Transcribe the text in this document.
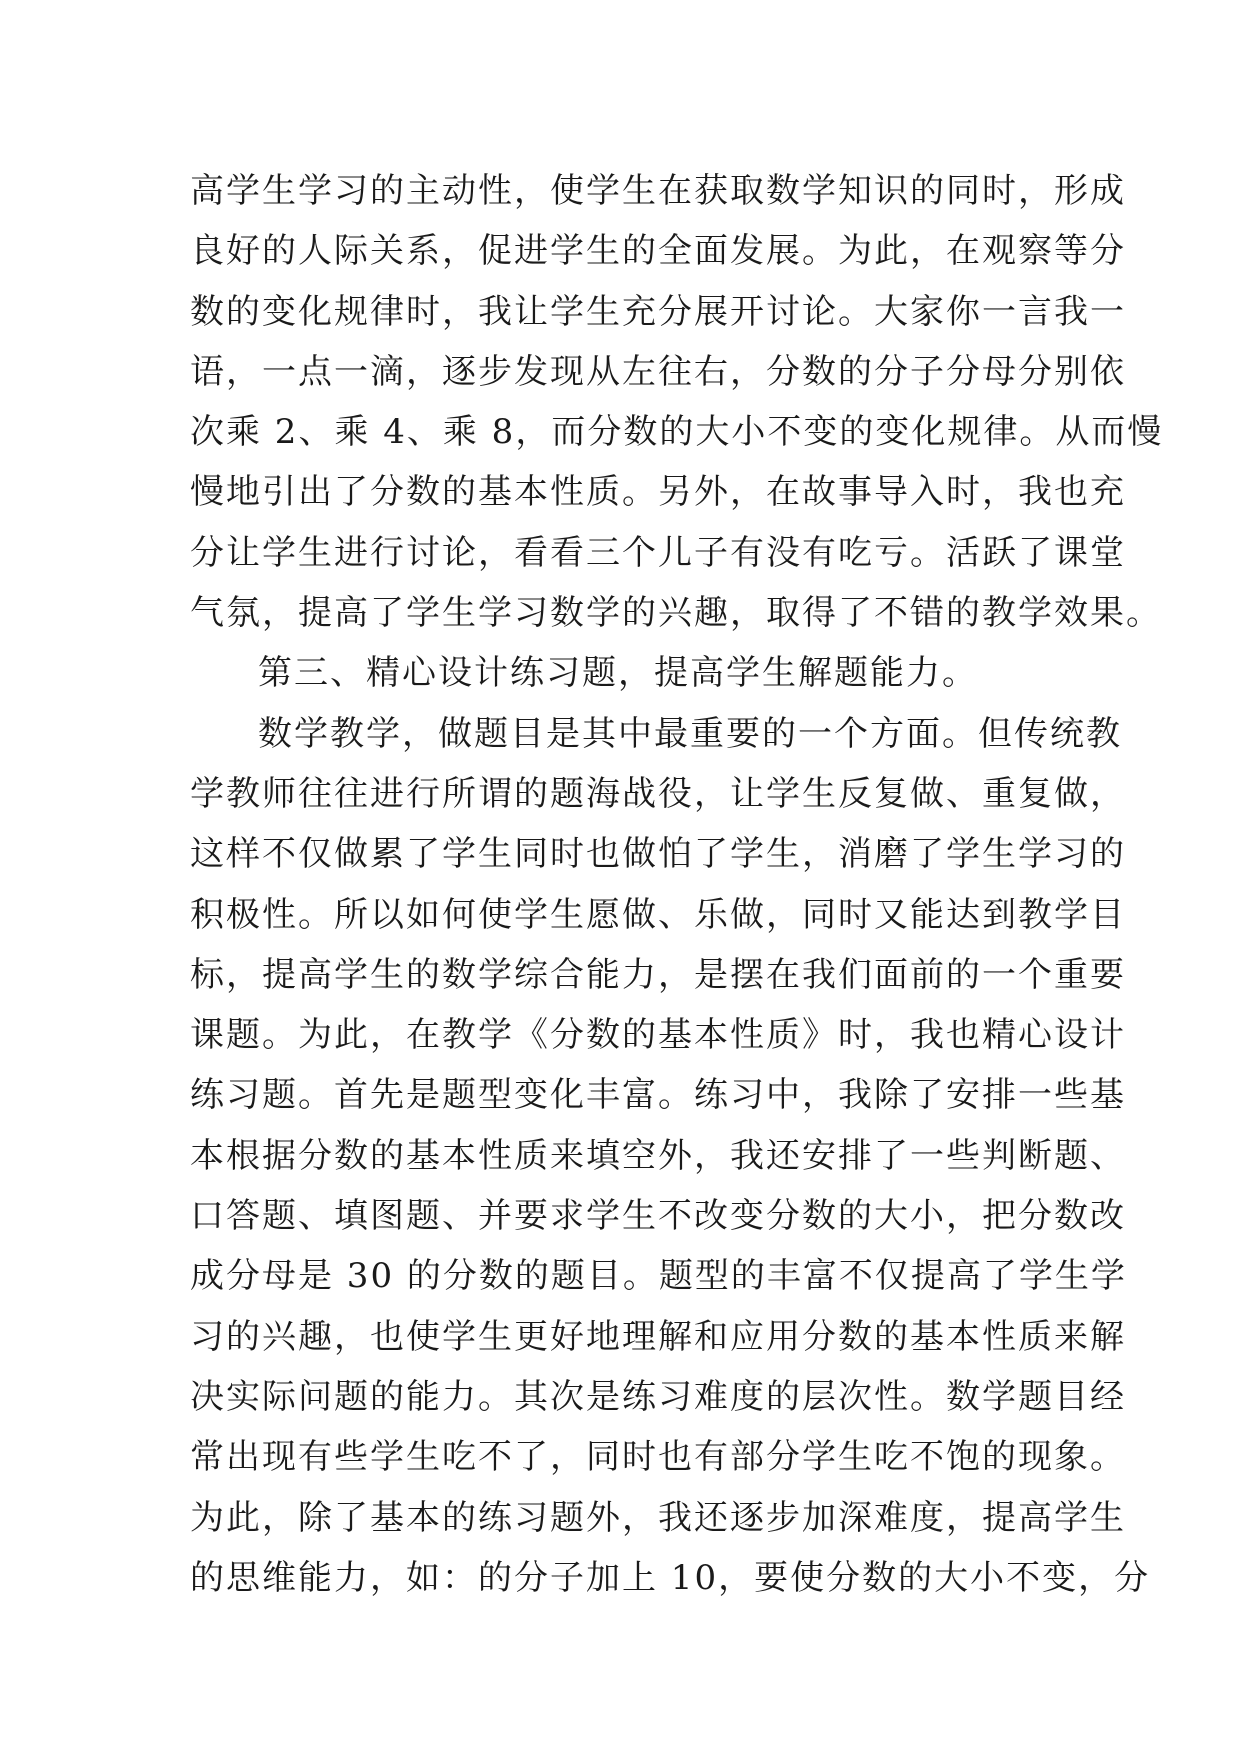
高学生学习的主动性，使学生在获取数学知识的同时，形成
良好的人际关系，促进学生的全面发展。为此，在观察等分
数的变化规律时，我让学生充分展开讨论。大家你一言我一
语，一点一滴，逐步发现从左往右，分数的分子分母分别依
次乘 2、乘 4、乘 8，而分数的大小不变的变化规律。从而慢
慢地引出了分数的基本性质。另外，在故事导入时，我也充
分让学生进行讨论，看看三个儿子有没有吃亏。活跃了课堂
气氛，提高了学生学习数学的兴趣，取得了不错的教学效果。
第三、精心设计练习题，提高学生解题能力。
数学教学，做题目是其中最重要的一个方面。但传统教
学教师往往进行所谓的题海战役，让学生反复做、重复做，
这样不仅做累了学生同时也做怕了学生，消磨了学生学习的
积极性。所以如何使学生愿做、乐做，同时又能达到教学目
标，提高学生的数学综合能力，是摆在我们面前的一个重要
课题。为此，在教学《分数的基本性质》时，我也精心设计
练习题。首先是题型变化丰富。练习中，我除了安排一些基
本根据分数的基本性质来填空外，我还安排了一些判断题、
口答题、填图题、并要求学生不改变分数的大小，把分数改
成分母是 30 的分数的题目。题型的丰富不仅提高了学生学
习的兴趣，也使学生更好地理解和应用分数的基本性质来解
决实际问题的能力。其次是练习难度的层次性。数学题目经
常出现有些学生吃不了，同时也有部分学生吃不饱的现象。
为此，除了基本的练习题外，我还逐步加深难度，提高学生
的思维能力，如：的分子加上 10，要使分数的大小不变，分
